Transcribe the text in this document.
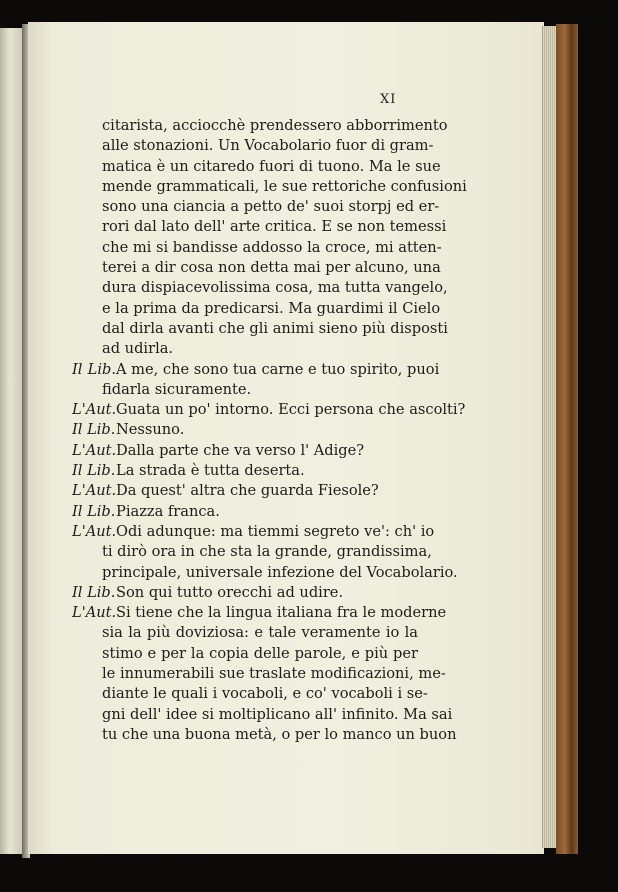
XI
citarista, acciocchè prendessero abborrimento
alle stonazioni. Un Vocabolario fuor di gram-
matica è un citaredo fuori di tuono. Ma le sue
mende grammaticali, le sue rettoriche confusioni
sono una ciancia a petto de' suoi storpj ed er-
rori dal lato dell' arte critica. E se non temessi
che mi si bandisse addosso la croce, mi atten-
terei a dir cosa non detta mai per alcuno, una
dura dispiacevolissima cosa, ma tutta vangelo,
e la prima da predicarsi. Ma guardimi il Cielo
dal dirla avanti che gli animi sieno più disposti
ad udirla.
Il Lib.A me, che sono tua carne e tuo spirito, puoi
fidarla sicuramente.
L'Aut.Guata un po' intorno. Ecci persona che ascolti?
Il Lib.Nessuno.
L'Aut.Dalla parte che va verso l' Adige?
Il Lib.La strada è tutta deserta.
L'Aut.Da quest' altra che guarda Fiesole?
Il Lib.Piazza franca.
L'Aut.Odi adunque: ma tiemmi segreto ve': ch' io
ti dirò ora in che sta la grande, grandissima,
principale, universale infezione del Vocabolario.
Il Lib.Son qui tutto orecchi ad udire.
L'Aut.Si tiene che la lingua italiana fra le moderne
sia la più doviziosa: e tale veramente io la
stimo e per la copia delle parole, e più per
le innumerabili sue traslate modificazioni, me-
diante le quali i vocaboli, e co' vocaboli i se-
gni dell' idee si moltiplicano all' infinito. Ma sai
tu che una buona metà, o per lo manco un buon
